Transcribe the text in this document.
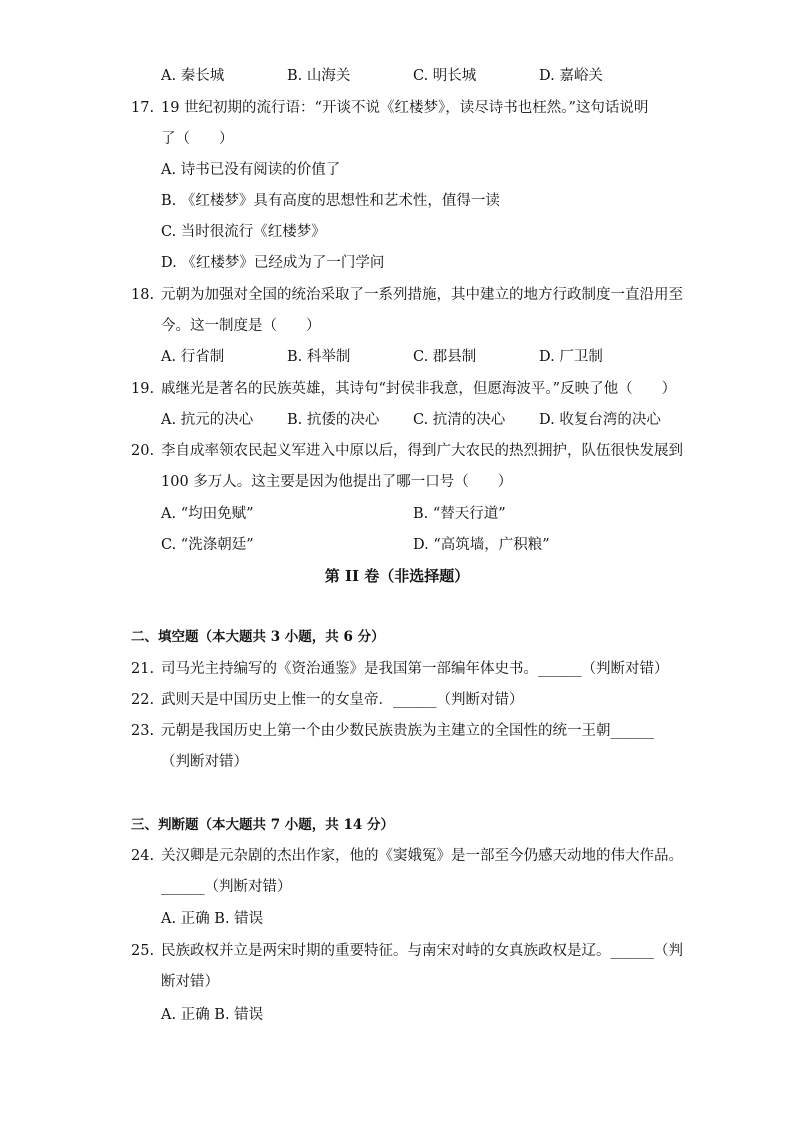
A. 秦长城	B. 山海关	C. 明长城	D. 嘉峪关
17. 19 世纪初期的流行语：“开谈不说《红楼梦》，读尽诗书也枉然。”这句话说明
了（　　）
A. 诗书已没有阅读的价值了
B. 《红楼梦》具有高度的思想性和艺术性，值得一读
C. 当时很流行《红楼梦》
D. 《红楼梦》已经成为了一门学问
18. 元朝为加强对全国的统治采取了一系列措施，其中建立的地方行政制度一直沿用至
今。这一制度是（　　）
A. 行省制	B. 科举制	C. 郡县制	D. 厂卫制
19. 戚继光是著名的民族英雄，其诗句“封侯非我意，但愿海波平。”反映了他（　　）
A. 抗元的决心 B. 抗倭的决心 C. 抗清的决心 D. 收复台湾的决心
20. 李自成率领农民起义军进入中原以后，得到广大农民的热烈拥护，队伍很快发展到
100 多万人。这主要是因为他提出了哪一口号（　　）
A. “均田免赋”	B. “替天行道”
C. “洗涤朝廷”	D. “高筑墙，广积粮”
第 II 卷（非选择题）
二、填空题（本大题共 3 小题，共 6 分）
21. 司马光主持编写的《资治通鉴》是我国第一部编年体史书。______（判断对错）
22. 武则天是中国历史上惟一的女皇帝．______（判断对错）
23. 元朝是我国历史上第一个由少数民族贵族为主建立的全国性的统一王朝______
（判断对错）
三、判断题（本大题共 7 小题，共 14 分）
24. 关汉卿是元杂剧的杰出作家，他的《窦娥冤》是一部至今仍感天动地的伟大作品。
______（判断对错）
A. 正确 B. 错误
25. 民族政权并立是两宋时期的重要特征。与南宋对峙的女真族政权是辽。______（判
断对错）
A. 正确 B. 错误
